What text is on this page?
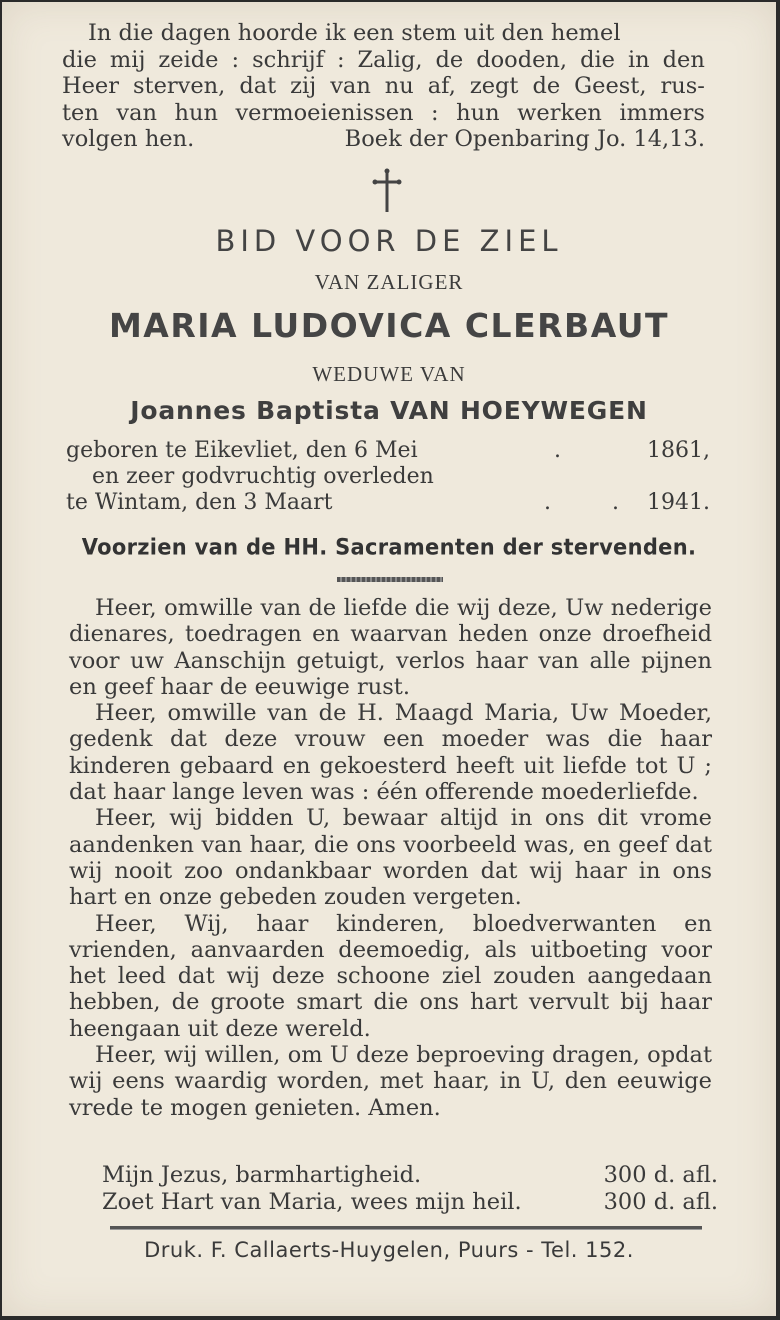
In die dagen hoorde ik een stem uit den hemel
die mij zeide : schrijf : Zalig, de dooden, die in den
Heer sterven, dat zij van nu af, zegt de Geest, rus-
ten van hun vermoeienissen : hun werken immers
volgen hen.	Boek der Openbaring Jo. 14,13.
BID VOOR DE ZIEL
VAN ZALIGER
MARIA LUDOVICA CLERBAUT
WEDUWE VAN
Joannes Baptista VAN HOEYWEGEN
geboren te Eikevliet, den 6 Mei	.	1861,
en zeer godvruchtig overleden
te Wintam, den 3 Maart	.	. 1941.
Voorzien van de HH. Sacramenten der stervenden.

Heer, omwille van de liefde die wij deze, Uw nederige dienares, toedragen en waarvan heden onze droefheid voor uw Aanschijn getuigt, verlos haar van alle pijnen en geef haar de eeuwige rust.

Heer, omwille van de H. Maagd Maria, Uw Moeder, gedenk dat deze vrouw een moeder was die haar kinderen gebaard en gekoesterd heeft uit liefde tot U ; dat haar lange leven was : één offerende moederliefde.

Heer, wij bidden U, bewaar altijd in ons dit vrome aandenken van haar, die ons voorbeeld was, en geef dat wij nooit zoo ondankbaar worden dat wij haar in ons hart en onze gebeden zouden vergeten.

Heer, Wij, haar kinderen, bloedverwanten en vrienden, aanvaarden deemoedig, als uitboeting voor het leed dat wij deze schoone ziel zouden aangedaan hebben, de groote smart die ons hart vervult bij haar heengaan uit deze wereld.

Heer, wij willen, om U deze beproeving dragen, opdat wij eens waardig worden, met haar, in U, den eeuwige vrede te mogen genieten. Amen.

Mijn Jezus, barmhartigheid.	300 d. afl.
Zoet Hart van Maria, wees mijn heil.	300 d. afl.
Druk. F. Callaerts-Huygelen, Puurs - Tel. 152.
